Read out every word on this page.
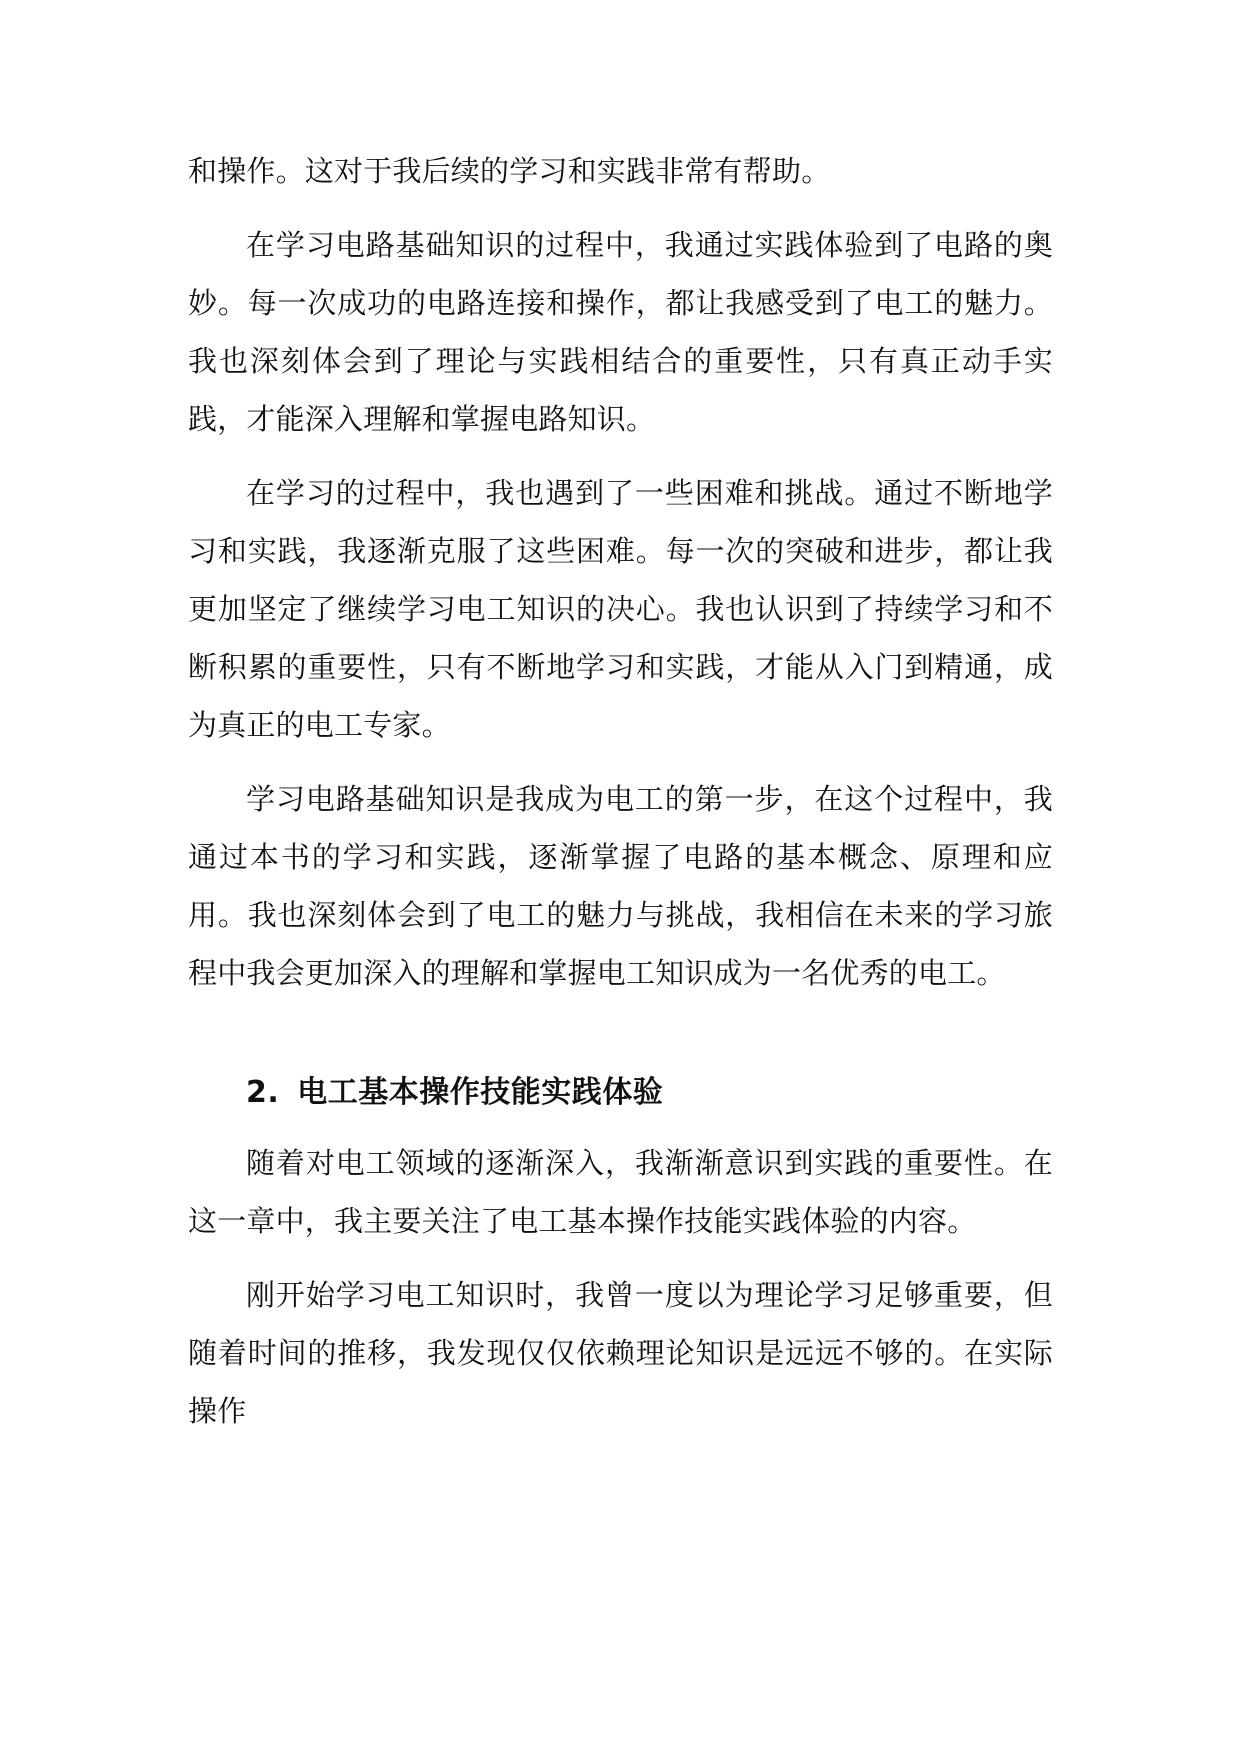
和操作。这对于我后续的学习和实践非常有帮助。

在学习电路基础知识的过程中，我通过实践体验到了电路的奥妙。每一次成功的电路连接和操作，都让我感受到了电工的魅力。我也深刻体会到了理论与实践相结合的重要性，只有真正动手实践，才能深入理解和掌握电路知识。

在学习的过程中，我也遇到了一些困难和挑战。通过不断地学习和实践，我逐渐克服了这些困难。每一次的突破和进步，都让我更加坚定了继续学习电工知识的决心。我也认识到了持续学习和不断积累的重要性，只有不断地学习和实践，才能从入门到精通，成为真正的电工专家。

学习电路基础知识是我成为电工的第一步，在这个过程中，我通过本书的学习和实践，逐渐掌握了电路的基本概念、原理和应用。我也深刻体会到了电工的魅力与挑战，我相信在未来的学习旅程中我会更加深入的理解和掌握电工知识成为一名优秀的电工。

2. 电工基本操作技能实践体验

随着对电工领域的逐渐深入，我渐渐意识到实践的重要性。在这一章中，我主要关注了电工基本操作技能实践体验的内容。

刚开始学习电工知识时，我曾一度以为理论学习足够重要，但随着时间的推移，我发现仅仅依赖理论知识是远远不够的。在实际操作
